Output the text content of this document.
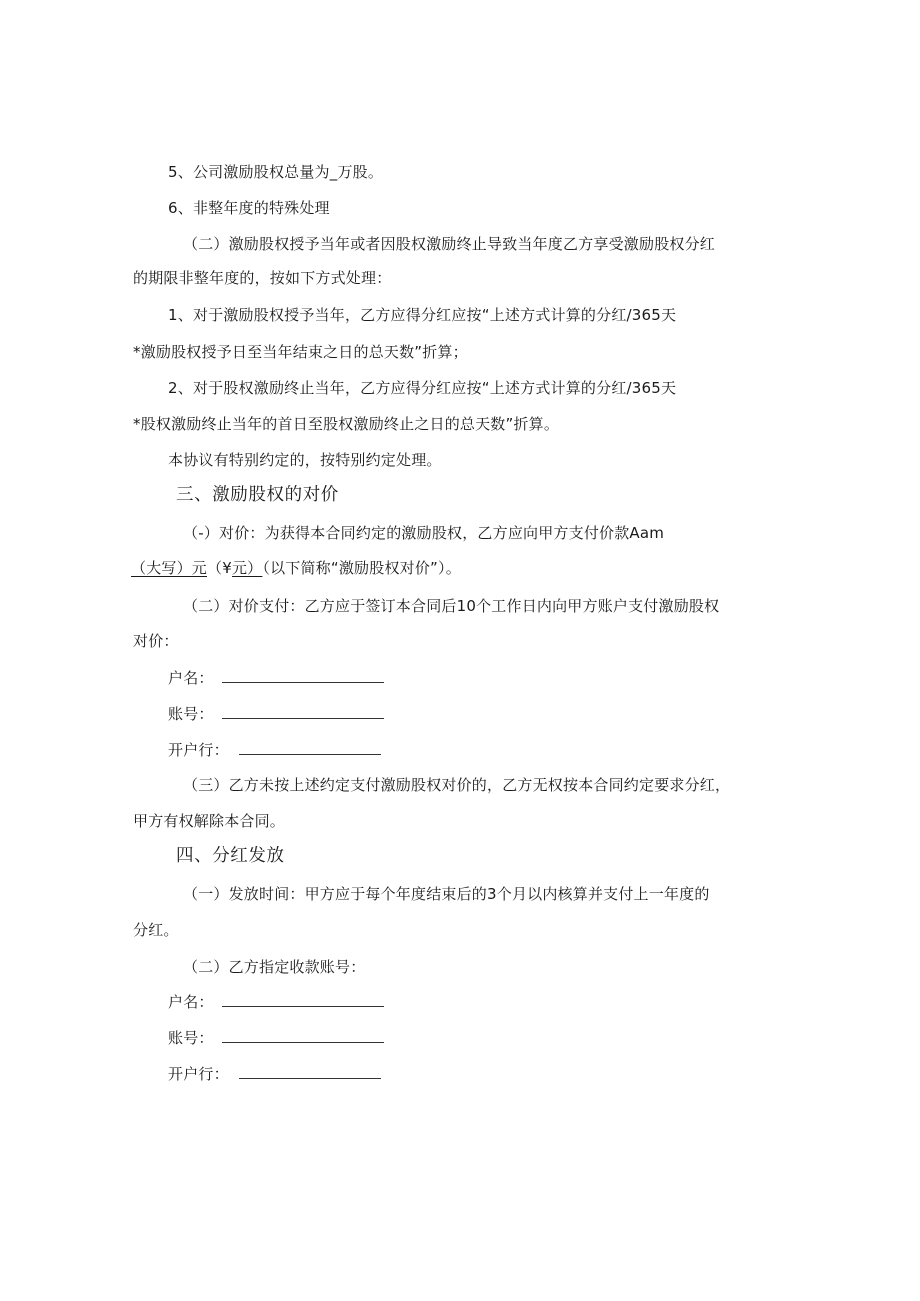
5、公司激励股权总量为_万股。
6、非整年度的特殊处理
（二）激励股权授予当年或者因股权激励终止导致当年度乙方享受激励股权分红
的期限非整年度的，按如下方式处理：
1、对于激励股权授予当年，乙方应得分红应按“上述方式计算的分红/365天
*激励股权授予日至当年结束之日的总天数”折算；
2、对于股权激励终止当年，乙方应得分红应按“上述方式计算的分红/365天
*股权激励终止当年的首日至股权激励终止之日的总天数”折算。
本协议有特别约定的，按特别约定处理。
三、激励股权的对价
（-）对价：为获得本合同约定的激励股权，乙方应向甲方支付价款Aam
（大写）元（¥元）（以下简称“激励股权对价”）。
（二）对价支付：乙方应于签订本合同后10个工作日内向甲方账户支付激励股权
对价：
户名：
账号：
开户行：
（三）乙方未按上述约定支付激励股权对价的，乙方无权按本合同约定要求分红，
甲方有权解除本合同。
四、分红发放
（一）发放时间：甲方应于每个年度结束后的3个月以内核算并支付上一年度的
分红。
（二）乙方指定收款账号：
户名：
账号：
开户行：
